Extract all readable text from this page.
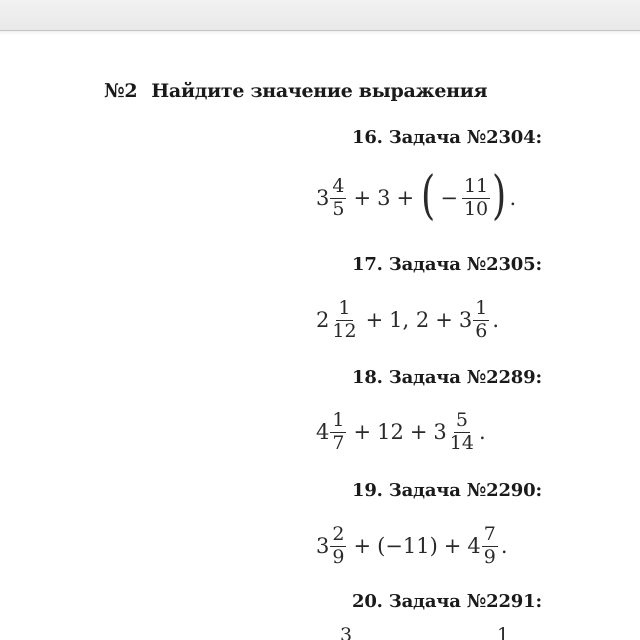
№2 Найдите значение выражения
16. Задача №2304:
$3 \frac{4}{5} + 3$ + ( − $\frac{11}{10}$ ) .
17. Задача №2305:
$2 \frac{1}{12} + 1$, $2 + 3 \frac{1}{6}$ .
18. Задача №2289:
$4 \frac{1}{7} + 12 + 3 \frac{5}{14}$ .
19. Задача №2290:
$3 \frac{2}{9} + (-11) + 4 \frac{7}{9}$ .
20. Задача №2291:
3	1
